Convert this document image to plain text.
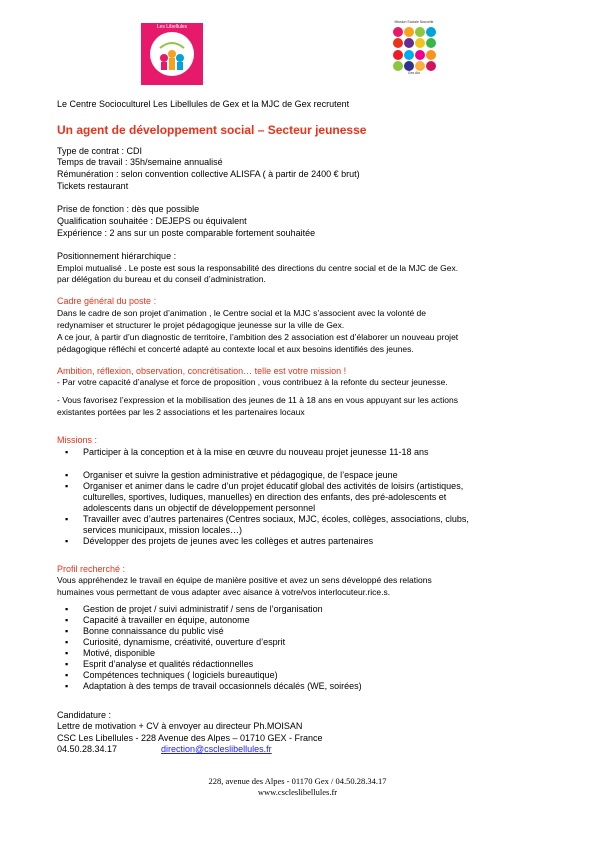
Les Libellules
Mission Sociale Nouvelle
Gex Ain
Le Centre Socioculturel Les Libellules de Gex et la MJC de Gex recrutent
Un agent de développement social – Secteur jeunesse
Type de contrat : CDI
Temps de travail : 35h/semaine annualisé
Rémunération : selon convention collective ALISFA ( à partir de 2400 € brut)
Tickets restaurant
Prise de fonction : dès que possible
Qualification souhaitée : DEJEPS ou équivalent
Expérience : 2 ans sur un poste comparable fortement souhaitée
Positionnement hiérarchique :
Emploi mutualisé . Le poste est sous la responsabilité des directions du centre social et de la MJC de Gex.
par délégation du bureau et du conseil d’administration.
Cadre général du poste :
Dans le cadre de son projet d’animation , le Centre social et la MJC s’associent avec la volonté de
redynamiser et structurer le projet pédagogique jeunesse sur la ville de Gex.
A ce jour, à partir d’un diagnostic de territoire, l’ambition des 2 association est d’élaborer un nouveau projet
pédagogique réfléchi et concerté adapté au contexte local et aux besoins identifiés des jeunes.
Ambition, réflexion, observation, concrétisation… telle est votre mission !
- Par votre capacité d’analyse et force de proposition , vous contribuez à la refonte du secteur jeunesse.
- Vous favorisez l’expression et la mobilisation des jeunes de 11 à 18 ans en vous appuyant sur les actions
existantes portées par les 2 associations et les partenaires locaux
Missions :
▪ Participer à la conception et à la mise en œuvre du nouveau projet jeunesse 11-18 ans
▪ Organiser et suivre la gestion administrative et pédagogique, de l’espace jeune
▪ Organiser et animer dans le cadre d’un projet éducatif global des activités de loisirs (artistiques,
culturelles, sportives, ludiques, manuelles) en direction des enfants, des pré-adolescents et
adolescents dans un objectif de développement personnel
▪ Travailler avec d’autres partenaires (Centres sociaux, MJC, écoles, collèges, associations, clubs,
services municipaux, mission locales…)
▪ Développer des projets de jeunes avec les collèges et autres partenaires
Profil recherché :
Vous appréhendez le travail en équipe de manière positive et avez un sens développé des relations
humaines vous permettant de vous adapter avec aisance à votre/vos interlocuteur.rice.s.
▪ Gestion de projet / suivi administratif / sens de l’organisation
▪ Capacité à travailler en équipe, autonome
▪ Bonne connaissance du public visé
▪ Curiosité, dynamisme, créativité, ouverture d’esprit
▪ Motivé, disponible
▪ Esprit d’analyse et qualités rédactionnelles
▪ Compétences techniques ( logiciels bureautique)
▪ Adaptation à des temps de travail occasionnels décalés (WE, soirées)
Candidature :
Lettre de motivation + CV à envoyer au directeur Ph.MOISAN
CSC Les Libellules - 228 Avenue des Alpes – 01710 GEX - France
04.50.28.34.17	direction@cscleslibellules.fr
228, avenue des Alpes - 01170 Gex / 04.50.28.34.17
www.cscleslibellules.fr
